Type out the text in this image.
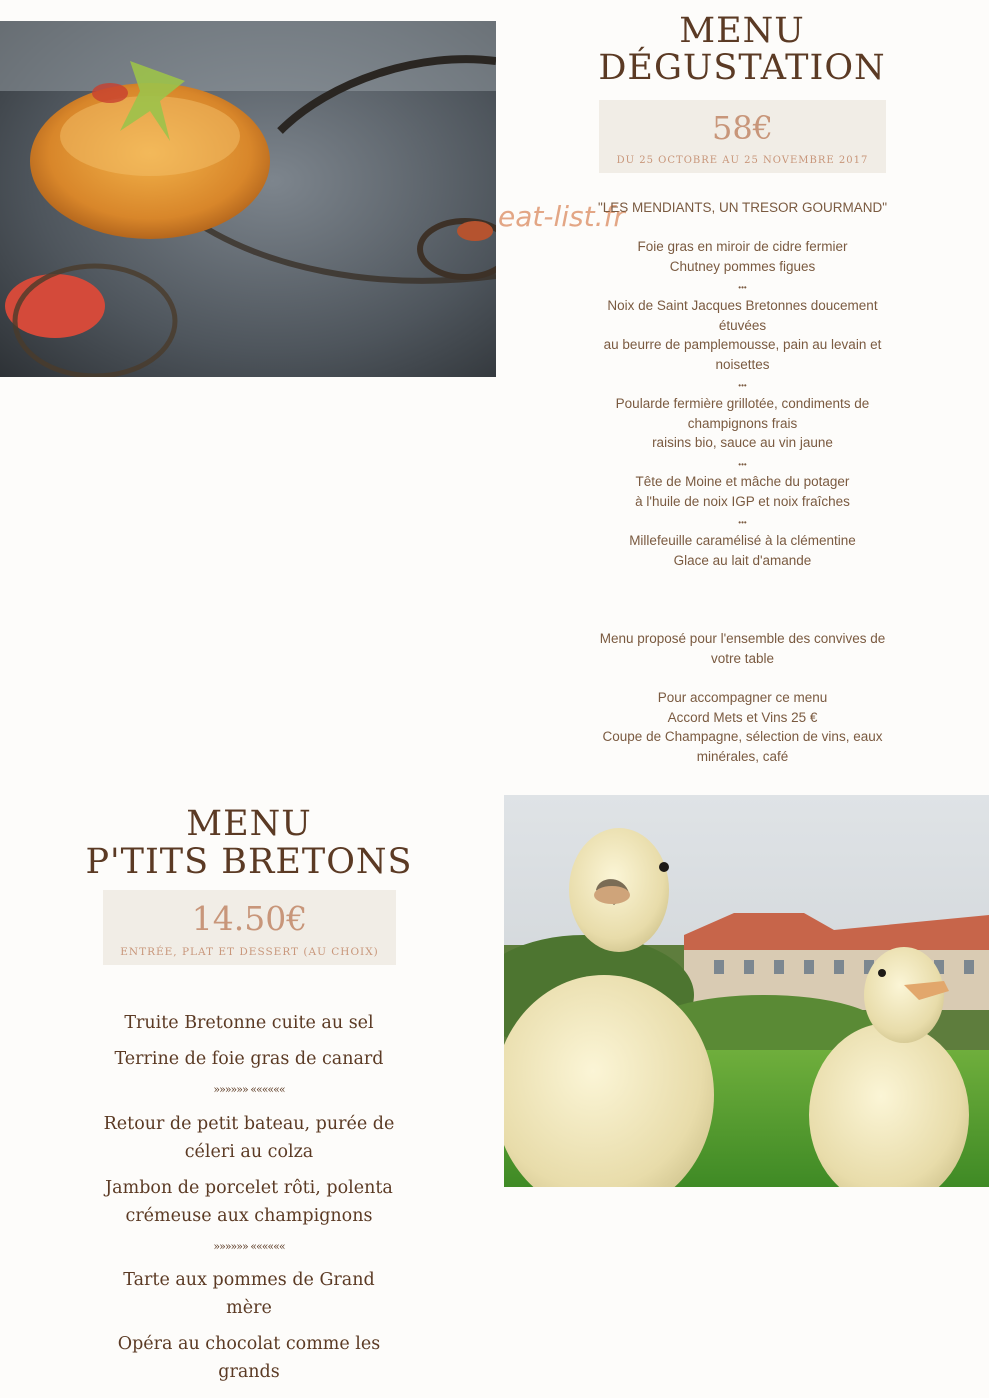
eat-list.fr
MENU
DÉGUSTATION
58€
DU 25 OCTOBRE AU 25 NOVEMBRE 2017
"LES MENDIANTS, UN TRESOR GOURMAND"
Foie gras en miroir de cidre fermier
Chutney pommes figues
•••
Noix de Saint Jacques Bretonnes doucement
étuvées
au beurre de pamplemousse, pain au levain et
noisettes
•••
Poularde fermière grillotée, condiments de
champignons frais
raisins bio, sauce au vin jaune
•••
Tête de Moine et mâche du potager
à l'huile de noix IGP et noix fraîches
•••
Millefeuille caramélisé à la clémentine
Glace au lait d'amande
Menu proposé pour l'ensemble des convives de
votre table
Pour accompagner ce menu
Accord Mets et Vins 25 €
Coupe de Champagne, sélection de vins, eaux
minérales, café
MENU
P'TITS BRETONS
14.50€
ENTRÉE, PLAT ET DESSERT (AU CHOIX)
Truite Bretonne cuite au sel
Terrine de foie gras de canard
»»»»»» ««««««
Retour de petit bateau, purée de
céleri au colza
Jambon de porcelet rôti, polenta
crémeuse aux champignons
»»»»»» ««««««
Tarte aux pommes de Grand
mère
Opéra au chocolat comme les
grands
